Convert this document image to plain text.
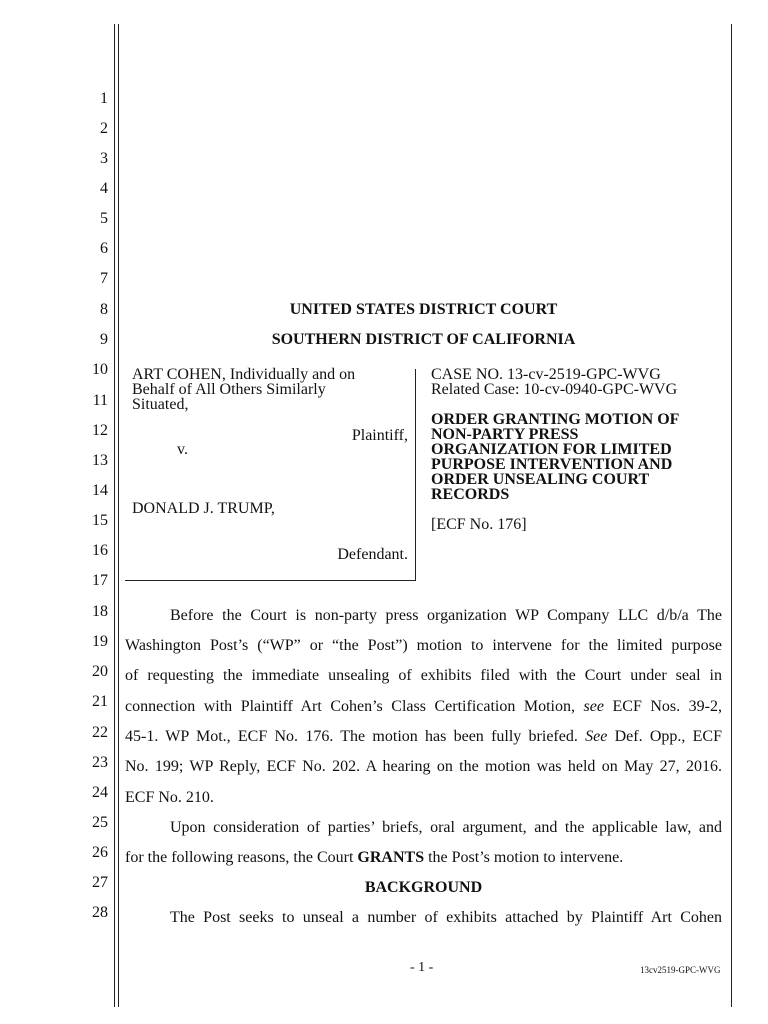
1
2
3
4
5
6
7
8
9
10
11
12
13
14
15
16
17
18
19
20
21
22
23
24
25
26
27
28
UNITED STATES DISTRICT COURT
SOUTHERN DISTRICT OF CALIFORNIA
ART COHEN, Individually and on
Behalf of All Others Similarly
Situated,
Plaintiff,
v.
DONALD J. TRUMP,
Defendant.
CASE NO. 13-cv-2519-GPC-WVG
Related Case: 10-cv-0940-GPC-WVG
ORDER GRANTING MOTION OF
NON-PARTY PRESS
ORGANIZATION FOR LIMITED
PURPOSE INTERVENTION AND
ORDER UNSEALING COURT
RECORDS
[ECF No. 176]
Before the Court is non-party press organization WP Company LLC d/b/a The
Washington Post’s (“WP” or “the Post”) motion to intervene for the limited purpose
of requesting the immediate unsealing of exhibits filed with the Court under seal in
connection with Plaintiff Art Cohen’s Class Certification Motion, see ECF Nos. 39-2,
45-1. WP Mot., ECF No. 176. The motion has been fully briefed. See Def. Opp., ECF
No. 199; WP Reply, ECF No. 202. A hearing on the motion was held on May 27, 2016.
ECF No. 210.
Upon consideration of parties’ briefs, oral argument, and the applicable law, and
for the following reasons, the Court GRANTS the Post’s motion to intervene.
BACKGROUND
The Post seeks to unseal a number of exhibits attached by Plaintiff Art Cohen
- 1 -	13cv2519-GPC-WVG
